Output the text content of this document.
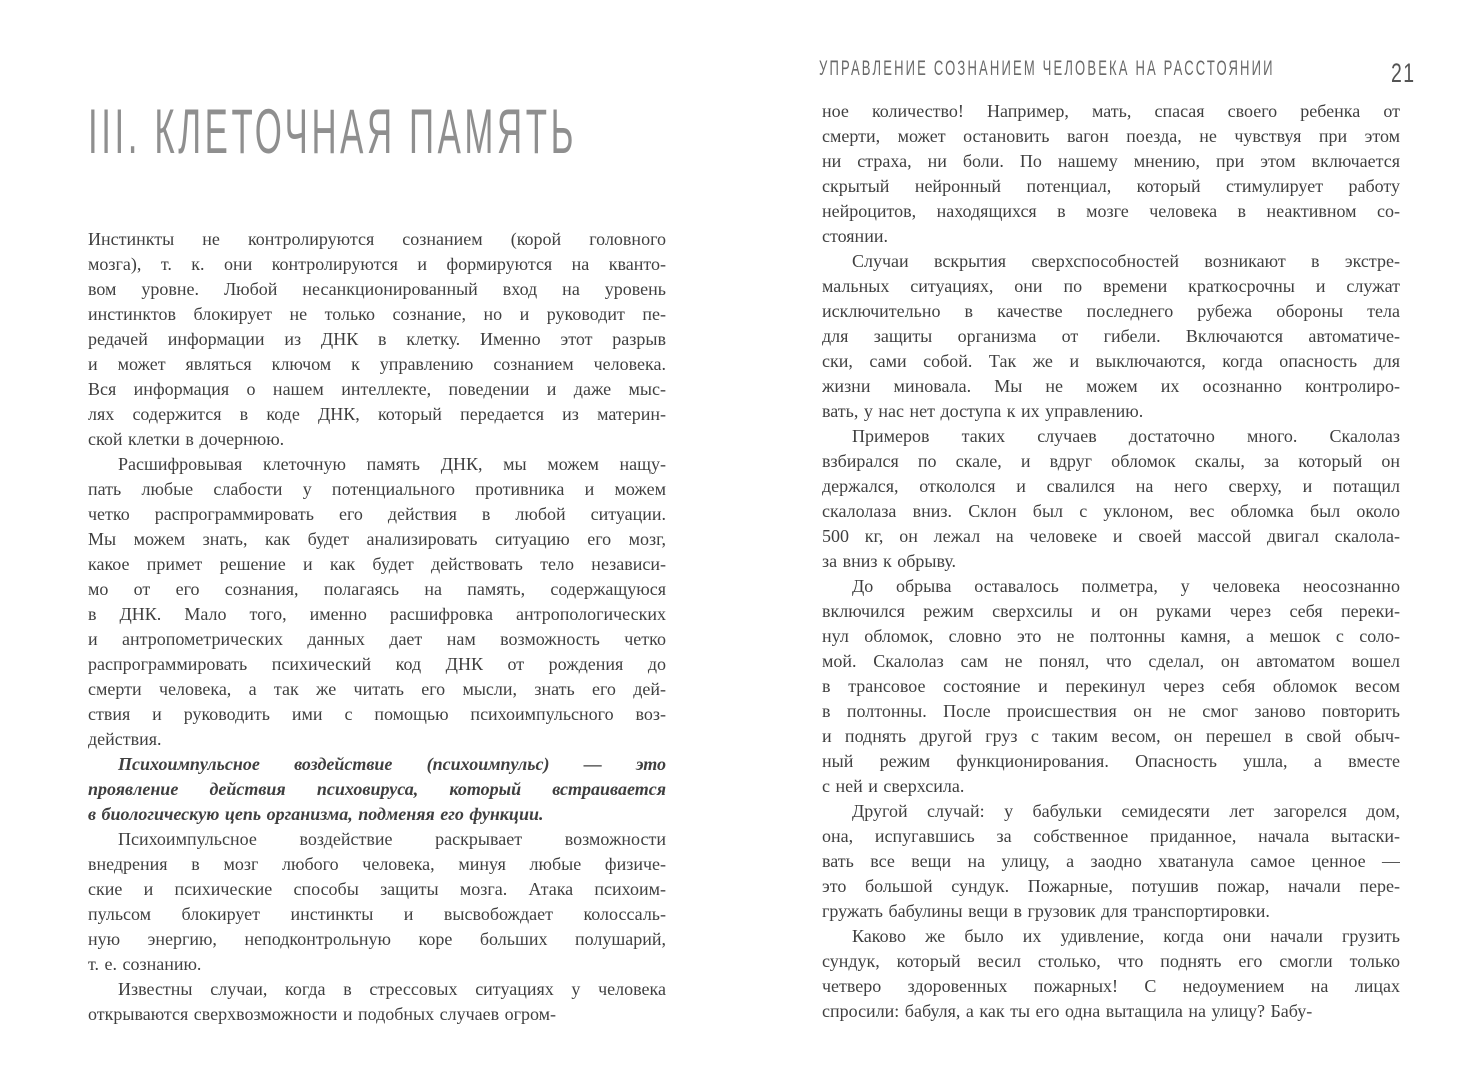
III. КЛЕТОЧНАЯ ПАМЯТЬ
Инстинкты не контролируются сознанием (корой головного
мозга), т. к. они контролируются и формируются на кванто-
вом уровне. Любой несанкционированный вход на уровень
инстинктов блокирует не только сознание, но и руководит пе-
редачей информации из ДНК в клетку. Именно этот разрыв
и может являться ключом к управлению сознанием человека.
Вся информация о нашем интеллекте, поведении и даже мыс-
лях содержится в коде ДНК, который передается из материн-
ской клетки в дочернюю.
Расшифровывая клеточную память ДНК, мы можем нащу-
пать любые слабости у потенциального противника и можем
четко распрограммировать его действия в любой ситуации.
Мы можем знать, как будет анализировать ситуацию его мозг,
какое примет решение и как будет действовать тело независи-
мо от его сознания, полагаясь на память, содержащуюся
в ДНК. Мало того, именно расшифровка антропологических
и антропометрических данных дает нам возможность четко
распрограммировать психический код ДНК от рождения до
смерти человека, а так же читать его мысли, знать его дей-
ствия и руководить ими с помощью психоимпульсного воз-
действия.
Психоимпульсное воздействие (психоимпульс) — это
проявление действия психовируса, который встраивается
в биологическую цепь организма, подменяя его функции.
Психоимпульсное воздействие раскрывает возможности
внедрения в мозг любого человека, минуя любые физиче-
ские и психические способы защиты мозга. Атака психоим-
пульсом блокирует инстинкты и высвобождает колоссаль-
ную энергию, неподконтрольную коре больших полушарий,
т. е. сознанию.
Известны случаи, когда в стрессовых ситуациях у человека
открываются сверхвозможности и подобных случаев огром-
УПРАВЛЕНИЕ СОЗНАНИЕМ ЧЕЛОВЕКА НА РАССТОЯНИИ	21
ное количество! Например, мать, спасая своего ребенка от
смерти, может остановить вагон поезда, не чувствуя при этом
ни страха, ни боли. По нашему мнению, при этом включается
скрытый нейронный потенциал, который стимулирует работу
нейроцитов, находящихся в мозге человека в неактивном со-
стоянии.
Случаи вскрытия сверхспособностей возникают в экстре-
мальных ситуациях, они по времени краткосрочны и служат
исключительно в качестве последнего рубежа обороны тела
для защиты организма от гибели. Включаются автоматиче-
ски, сами собой. Так же и выключаются, когда опасность для
жизни миновала. Мы не можем их осознанно контролиро-
вать, у нас нет доступа к их управлению.
Примеров таких случаев достаточно много. Скалолаз
взбирался по скале, и вдруг обломок скалы, за который он
держался, откололся и свалился на него сверху, и потащил
скалолаза вниз. Склон был с уклоном, вес обломка был около
500 кг, он лежал на человеке и своей массой двигал скалола-
за вниз к обрыву.
До обрыва оставалось полметра, у человека неосознанно
включился режим сверхсилы и он руками через себя переки-
нул обломок, словно это не полтонны камня, а мешок с соло-
мой. Скалолаз сам не понял, что сделал, он автоматом вошел
в трансовое состояние и перекинул через себя обломок весом
в полтонны. После происшествия он не смог заново повторить
и поднять другой груз с таким весом, он перешел в свой обыч-
ный режим функционирования. Опасность ушла, а вместе
с ней и сверхсила.
Другой случай: у бабульки семидесяти лет загорелся дом,
она, испугавшись за собственное приданное, начала вытаски-
вать все вещи на улицу, а заодно хватанула самое ценное —
это большой сундук. Пожарные, потушив пожар, начали пере-
гружать бабулины вещи в грузовик для транспортировки.
Каково же было их удивление, когда они начали грузить
сундук, который весил столько, что поднять его смогли только
четверо здоровенных пожарных! С недоумением на лицах
спросили: бабуля, а как ты его одна вытащила на улицу? Бабу-
